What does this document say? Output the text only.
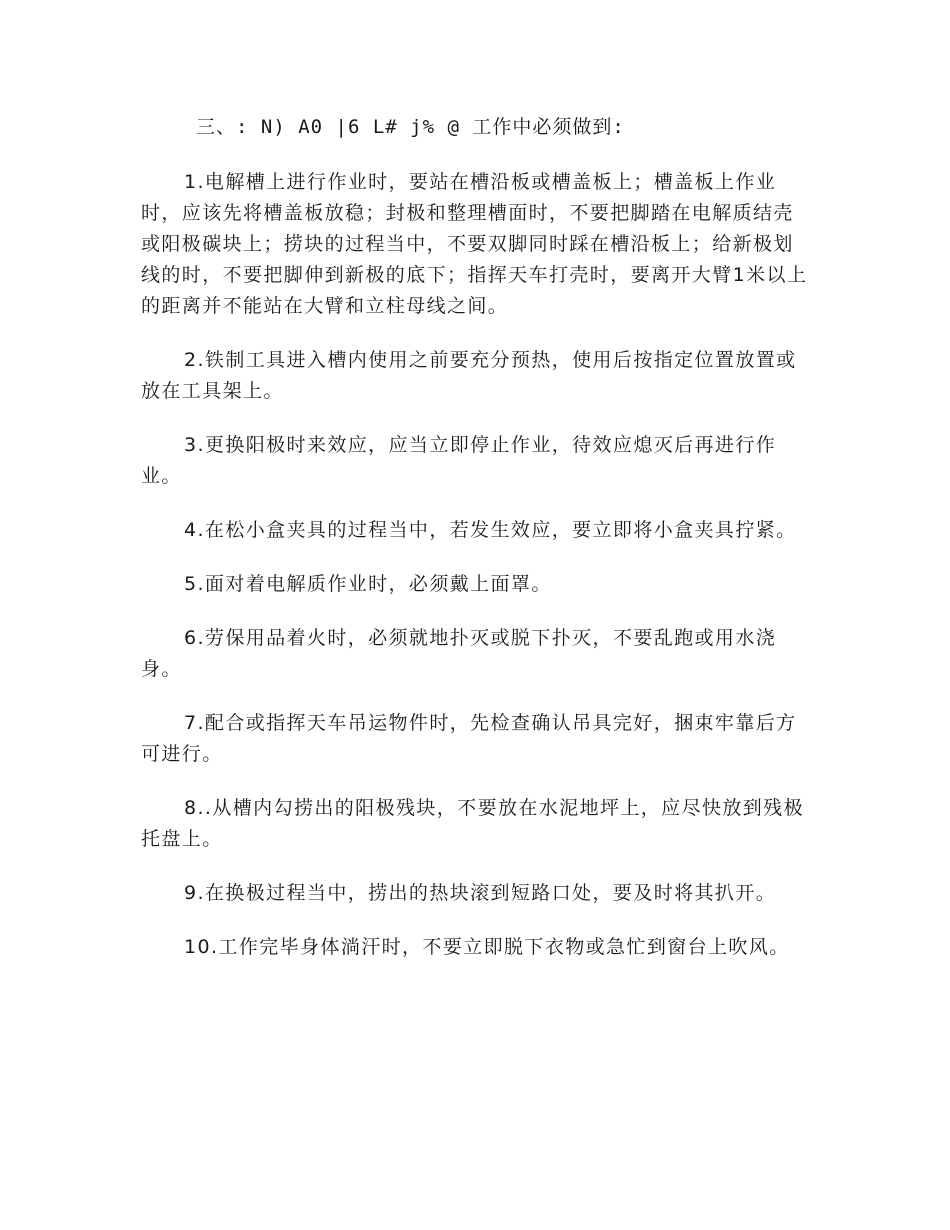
三、: N) A0 |6 L# j% @ 工作中必须做到:

1.电解槽上进行作业时，要站在槽沿板或槽盖板上；槽盖板上作业时，应该先将槽盖板放稳；封极和整理槽面时，不要把脚踏在电解质结壳或阳极碳块上；捞块的过程当中，不要双脚同时踩在槽沿板上；给新极划线的时，不要把脚伸到新极的底下；指挥天车打壳时，要离开大臂1米以上的距离并不能站在大臂和立柱母线之间。

2.铁制工具进入槽内使用之前要充分预热，使用后按指定位置放置或放在工具架上。

3.更换阳极时来效应，应当立即停止作业，待效应熄灭后再进行作业。

4.在松小盒夹具的过程当中，若发生效应，要立即将小盒夹具拧紧。

5.面对着电解质作业时，必须戴上面罩。

6.劳保用品着火时，必须就地扑灭或脱下扑灭，不要乱跑或用水浇身。

7.配合或指挥天车吊运物件时，先检查确认吊具完好，捆束牢靠后方可进行。

8..从槽内勾捞出的阳极残块，不要放在水泥地坪上，应尽快放到残极托盘上。

9.在换极过程当中，捞出的热块滚到短路口处，要及时将其扒开。

10.工作完毕身体淌汗时，不要立即脱下衣物或急忙到窗台上吹风。
